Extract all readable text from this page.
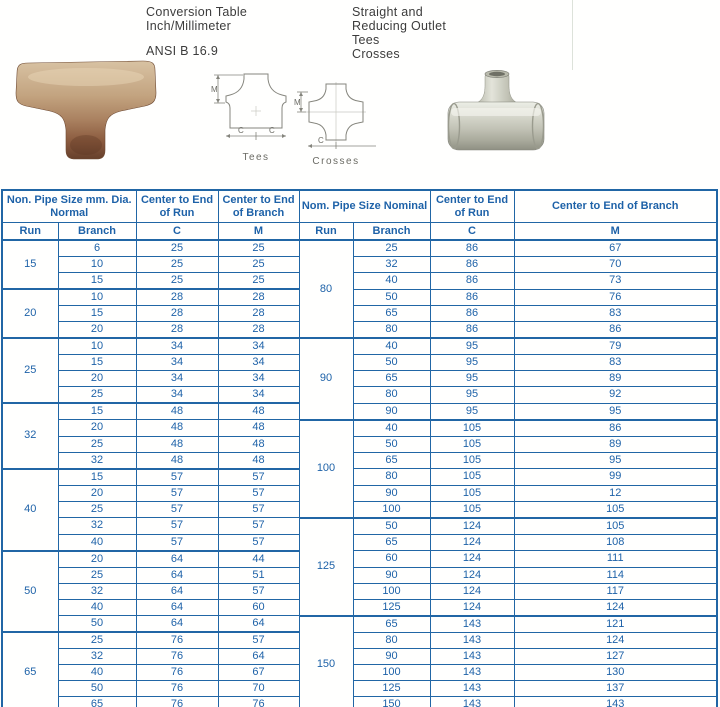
Conversion Table
Inch/Millimeter
ANSI B 16.9
Straight and
Reducing Outlet
Tees
Crosses
M
C	C
Tees
M
C
Crosses
Non. Pipe Size mm. Dia. Normal		Center to End of Run	Center to End of Branch	Nom. Pipe Size Nominal		Center to End of Run	Center to End of Branch
Run	Branch	C	M	Run	Branch	C	M
15	6	25	25	80	25	86	67
	10	25	25		32	86	70
	15	25	25		40	86	73
20	10	28	28		50	86	76
	15	28	28		65	86	83
	20	28	28		80	86	86
25	10	34	34	90	40	95	79
	15	34	34		50	95	83
	20	34	34		65	95	89
	25	34	34		80	95	92
32	15	48	48		90	95	95
	20	48	48	100	40	105	86
	25	48	48		50	105	89
	32	48	48		65	105	95
40	15	57	57		80	105	99
	20	57	57		90	105	12
	25	57	57		100	105	105
	32	57	57	125	50	124	105
	40	57	57		65	124	108
50	20	64	44		60	124	111
	25	64	51		90	124	114
	32	64	57		100	124	117
	40	64	60		125	124	124
	50	64	64	150	65	143	121
65	25	76	57		80	143	124
	32	76	64		90	143	127
	40	76	67		100	143	130
	50	76	70		125	143	137
	65	76	76		150	143	143
